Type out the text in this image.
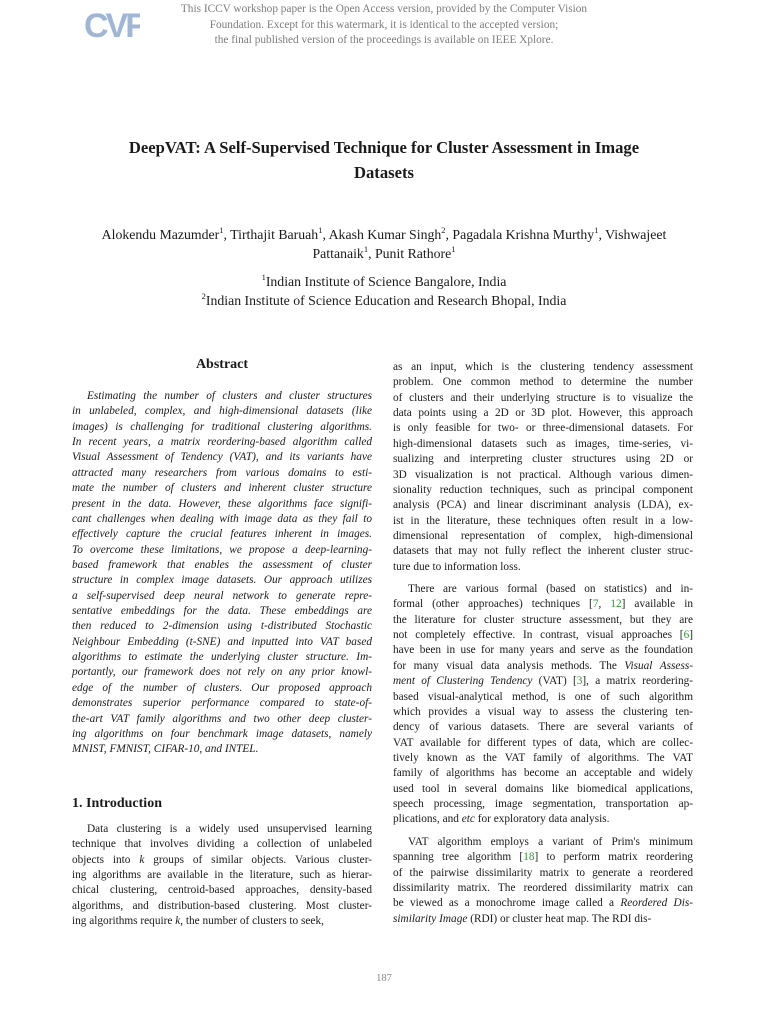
CVF	This ICCV workshop paper is the Open Access version, provided by the Computer Vision
Foundation. Except for this watermark, it is identical to the accepted version;
the final published version of the proceedings is available on IEEE Xplore.
DeepVAT: A Self-Supervised Technique for Cluster Assessment in Image
Datasets
Alokendu Mazumder$^1$, Tirthajit Baruah$^1$, Akash Kumar Singh$^2$, Pagadala Krishna Murthy$^1$, Vishwajeet
Pattanaik$^1$, Punit Rathore$^1$
$^1$Indian Institute of Science Bangalore, India
$^2$Indian Institute of Science Education and Research Bhopal, India
Abstract
Estimating the number of clusters and cluster structures
in unlabeled, complex, and high-dimensional datasets (like
images) is challenging for traditional clustering algorithms.
In recent years, a matrix reordering-based algorithm called
Visual Assessment of Tendency (VAT), and its variants have
attracted many researchers from various domains to esti-
mate the number of clusters and inherent cluster structure
present in the data. However, these algorithms face signifi-
cant challenges when dealing with image data as they fail to
effectively capture the crucial features inherent in images.
To overcome these limitations, we propose a deep-learning-
based framework that enables the assessment of cluster
structure in complex image datasets. Our approach utilizes
a self-supervised deep neural network to generate repre-
sentative embeddings for the data. These embeddings are
then reduced to 2-dimension using t-distributed Stochastic
Neighbour Embedding (t-SNE) and inputted into VAT based
algorithms to estimate the underlying cluster structure. Im-
portantly, our framework does not rely on any prior knowl-
edge of the number of clusters. Our proposed approach
demonstrates superior performance compared to state-of-
the-art VAT family algorithms and two other deep cluster-
ing algorithms on four benchmark image datasets, namely
MNIST, FMNIST, CIFAR-10, and INTEL.
1. Introduction
Data clustering is a widely used unsupervised learning
technique that involves dividing a collection of unlabeled
objects into k groups of similar objects. Various cluster-
ing algorithms are available in the literature, such as hierar-
chical clustering, centroid-based approaches, density-based
algorithms, and distribution-based clustering. Most cluster-
ing algorithms require k, the number of clusters to seek,
as an input, which is the clustering tendency assessment
problem. One common method to determine the number
of clusters and their underlying structure is to visualize the
data points using a 2D or 3D plot. However, this approach
is only feasible for two- or three-dimensional datasets. For
high-dimensional datasets such as images, time-series, vi-
sualizing and interpreting cluster structures using 2D or
3D visualization is not practical. Although various dimen-
sionality reduction techniques, such as principal component
analysis (PCA) and linear discriminant analysis (LDA), ex-
ist in the literature, these techniques often result in a low-
dimensional representation of complex, high-dimensional
datasets that may not fully reflect the inherent cluster struc-
ture due to information loss.
There are various formal (based on statistics) and in-
formal (other approaches) techniques [7, 12] available in
the literature for cluster structure assessment, but they are
not completely effective. In contrast, visual approaches [6]
have been in use for many years and serve as the foundation
for many visual data analysis methods. The Visual Assess-
ment of Clustering Tendency (VAT) [3], a matrix reordering-
based visual-analytical method, is one of such algorithm
which provides a visual way to assess the clustering ten-
dency of various datasets. There are several variants of
VAT available for different types of data, which are collec-
tively known as the VAT family of algorithms. The VAT
family of algorithms has become an acceptable and widely
used tool in several domains like biomedical applications,
speech processing, image segmentation, transportation ap-
plications, and etc for exploratory data analysis.
VAT algorithm employs a variant of Prim's minimum
spanning tree algorithm [18] to perform matrix reordering
of the pairwise dissimilarity matrix to generate a reordered
dissimilarity matrix. The reordered dissimilarity matrix can
be viewed as a monochrome image called a Reordered Dis-
similarity Image (RDI) or cluster heat map. The RDI dis-
187
